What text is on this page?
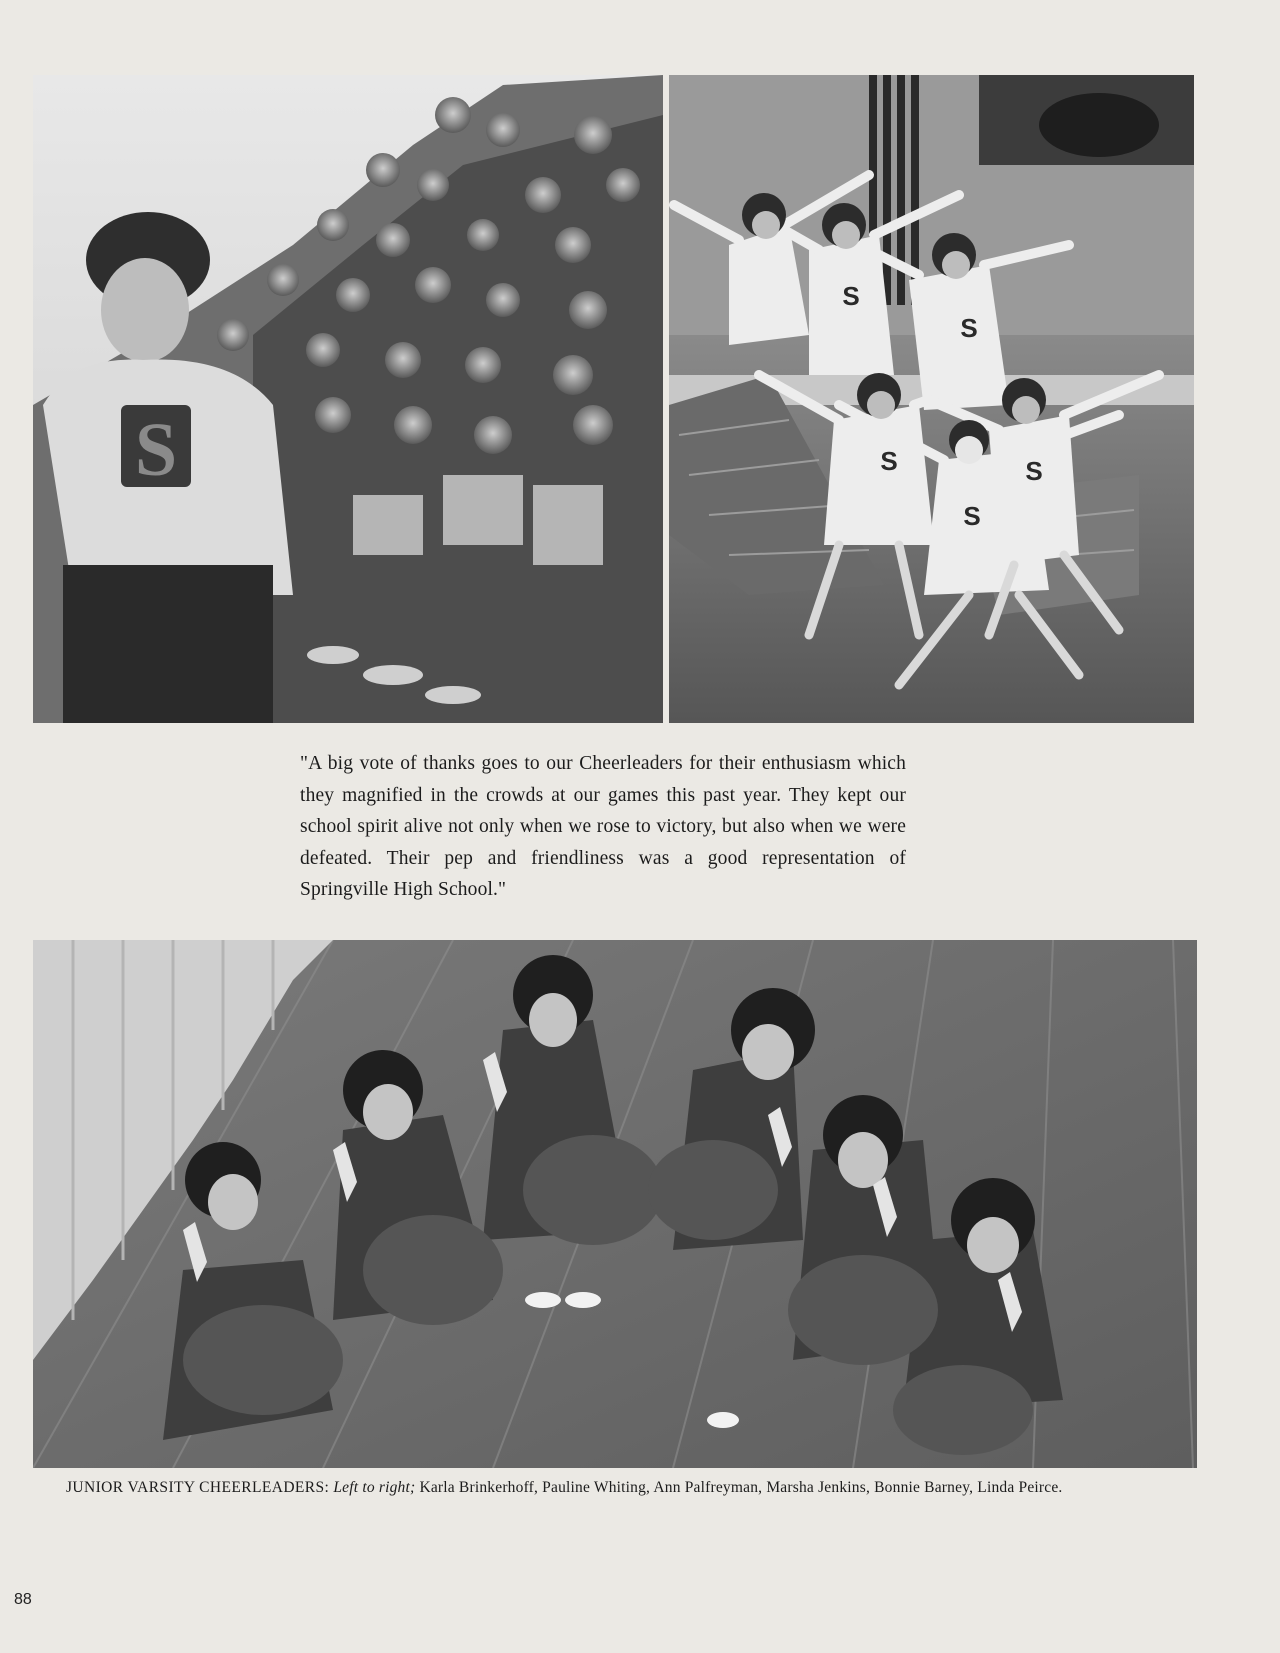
S
S
S
S	S
S

"A big vote of thanks goes to our Cheerleaders for their enthusiasm which they magnified in the crowds at our games this past year. They kept our school spirit alive not only when we rose to victory, but also when we were defeated. Their pep and friendliness was a good representation of Springville High School."

JUNIOR VARSITY CHEERLEADERS: Left to right; Karla Brinkerhoff, Pauline Whiting, Ann Palfreyman, Marsha Jenkins, Bonnie Barney, Linda Peirce.

88
